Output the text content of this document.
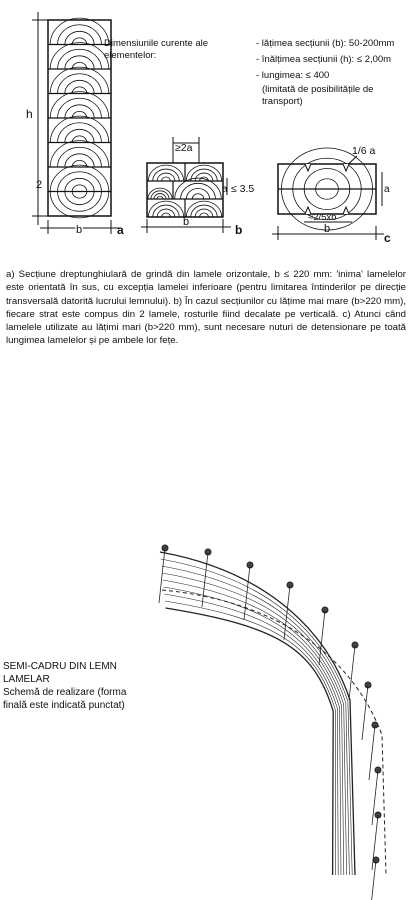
h
2
b	a
≥2a
a ≤ 3.5
b
b
1/6 a
a
≈2/5xb
b
c
Dimensiunile curente ale elementelor:
- lățimea secțiunii (b): 50-200mm
- înălțimea secțiunii (h): ≤ 2,00m
- lungimea: ≤ 400
(limitată de posibilitățile de transport)
a) Secțiune dreptunghiulară de grindă din lamele orizontale, b ≤ 220 mm: 'inima' lamelelor este orientată în sus, cu excepția lamelei inferioare (pentru limitarea întinderilor pe direcție transversală datorită lucrului lemnului). b) În cazul secțiunilor cu lățime mai mare (b>220 mm), fiecare strat este compus din 2 lamele, rosturile fiind decalate pe verticală. c) Atunci când lamelele utilizate au lățimi mari (b>220 mm), sunt necesare nuturi de detensionare pe toată lungimea lamelelor și pe ambele lor fețe.
SEMI-CADRU DIN LEMN LAMELAR
Schemă de realizare (forma finală este indicată punctat)
